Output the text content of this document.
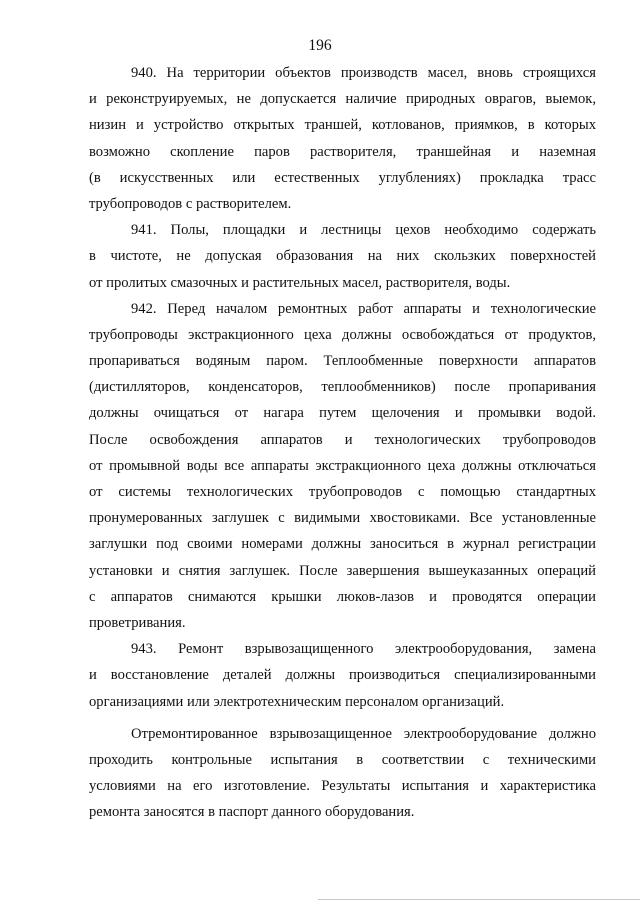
196
940. На территории объектов производств масел, вновь строящихся
и реконструируемых, не допускается наличие природных оврагов, выемок,
низин и устройство открытых траншей, котлованов, приямков, в которых
возможно скопление паров растворителя, траншейная и наземная
(в искусственных или естественных углублениях) прокладка трасс
трубопроводов с растворителем.
941. Полы, площадки и лестницы цехов необходимо содержать
в чистоте, не допуская образования на них скользких поверхностей
от пролитых смазочных и растительных масел, растворителя, воды.
942. Перед началом ремонтных работ аппараты и технологические
трубопроводы экстракционного цеха должны освобождаться от продуктов,
пропариваться водяным паром. Теплообменные поверхности аппаратов
(дистилляторов, конденсаторов, теплообменников) после пропаривания
должны очищаться от нагара путем щелочения и промывки водой.
После освобождения аппаратов и технологических трубопроводов
от промывной воды все аппараты экстракционного цеха должны отключаться
от системы технологических трубопроводов с помощью стандартных
пронумерованных заглушек с видимыми хвостовиками. Все установленные
заглушки под своими номерами должны заноситься в журнал регистрации
установки и снятия заглушек. После завершения вышеуказанных операций
с аппаратов снимаются крышки люков-лазов и проводятся операции
проветривания.
943. Ремонт взрывозащищенного электрооборудования, замена
и восстановление деталей должны производиться специализированными
организациями или электротехническим персоналом организаций.
Отремонтированное взрывозащищенное электрооборудование должно
проходить контрольные испытания в соответствии с техническими
условиями на его изготовление. Результаты испытания и характеристика
ремонта заносятся в паспорт данного оборудования.
